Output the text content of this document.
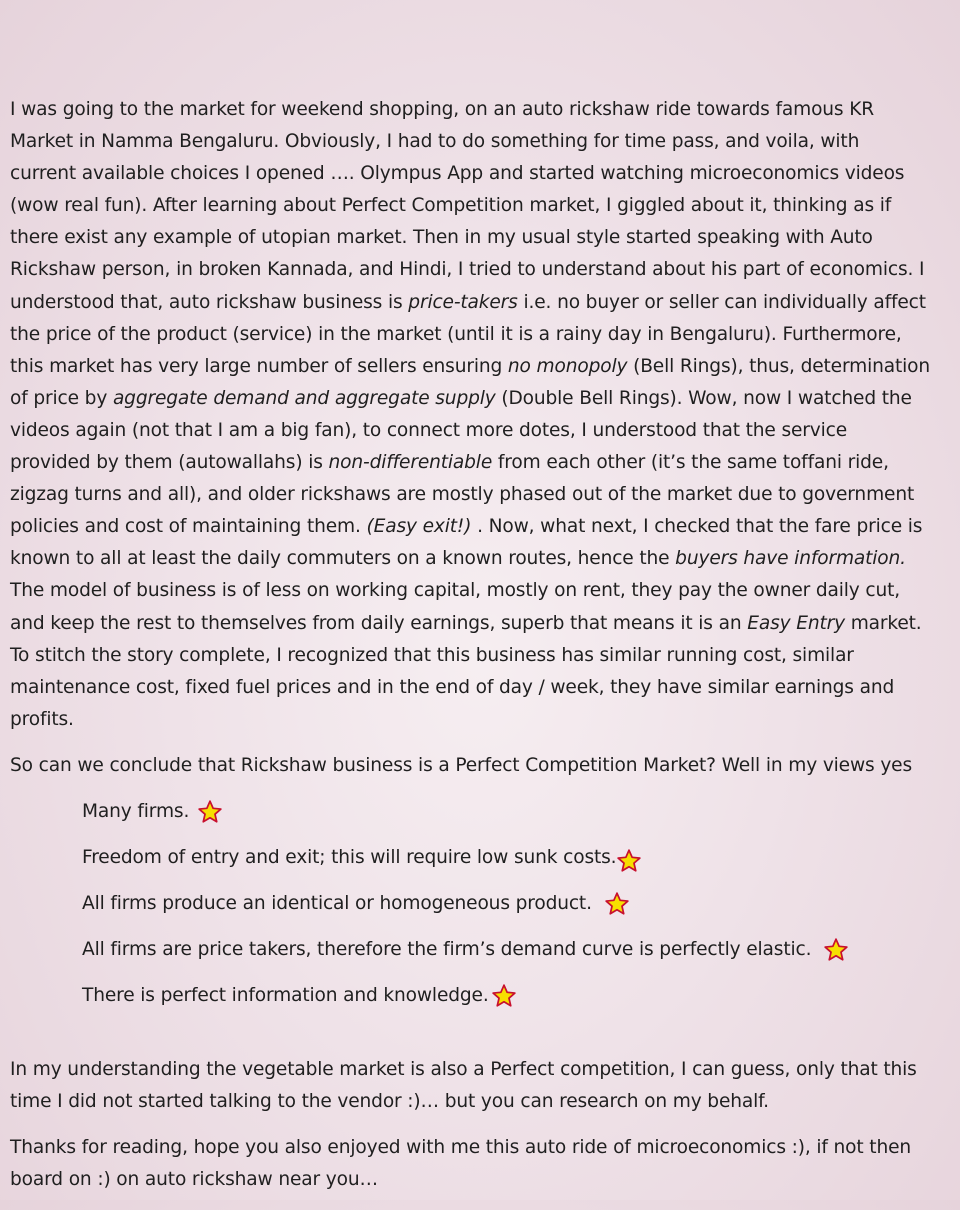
I was going to the market for weekend shopping, on an auto rickshaw ride towards famous KR Market in Namma Bengaluru. Obviously, I had to do something for time pass, and voila, with current available choices I opened …. Olympus App and started watching microeconomics videos (wow real fun). After learning about Perfect Competition market, I giggled about it, thinking as if there exist any example of utopian market. Then in my usual style started speaking with Auto Rickshaw person, in broken Kannada, and Hindi, I tried to understand about his part of economics. I understood that, auto rickshaw business is price-takers i.e. no buyer or seller can individually affect the price of the product (service) in the market (until it is a rainy day in Bengaluru). Furthermore, this market has very large number of sellers ensuring no monopoly (Bell Rings), thus, determination of price by aggregate demand and aggregate supply (Double Bell Rings). Wow, now I watched the videos again (not that I am a big fan), to connect more dotes, I understood that the service provided by them (autowallahs) is non-differentiable from each other (it’s the same toffani ride, zigzag turns and all), and older rickshaws are mostly phased out of the market due to government policies and cost of maintaining them. (Easy exit!) . Now, what next, I checked that the fare price is known to all at least the daily commuters on a known routes, hence the buyers have information. The model of business is of less on working capital, mostly on rent, they pay the owner daily cut, and keep the rest to themselves from daily earnings, superb that means it is an Easy Entry market. To stitch the story complete, I recognized that this business has similar running cost, similar maintenance cost, fixed fuel prices and in the end of day / week, they have similar earnings and profits.

So can we conclude that Rickshaw business is a Perfect Competition Market? Well in my views yes

Many firms.
Freedom of entry and exit; this will require low sunk costs.
All firms produce an identical or homogeneous product.
All firms are price takers, therefore the firm’s demand curve is perfectly elastic.
There is perfect information and knowledge.

In my understanding the vegetable market is also a Perfect competition, I can guess, only that this time I did not started talking to the vendor :)… but you can research on my behalf.

Thanks for reading, hope you also enjoyed with me this auto ride of microeconomics :), if not then board on :) on auto rickshaw near you…
